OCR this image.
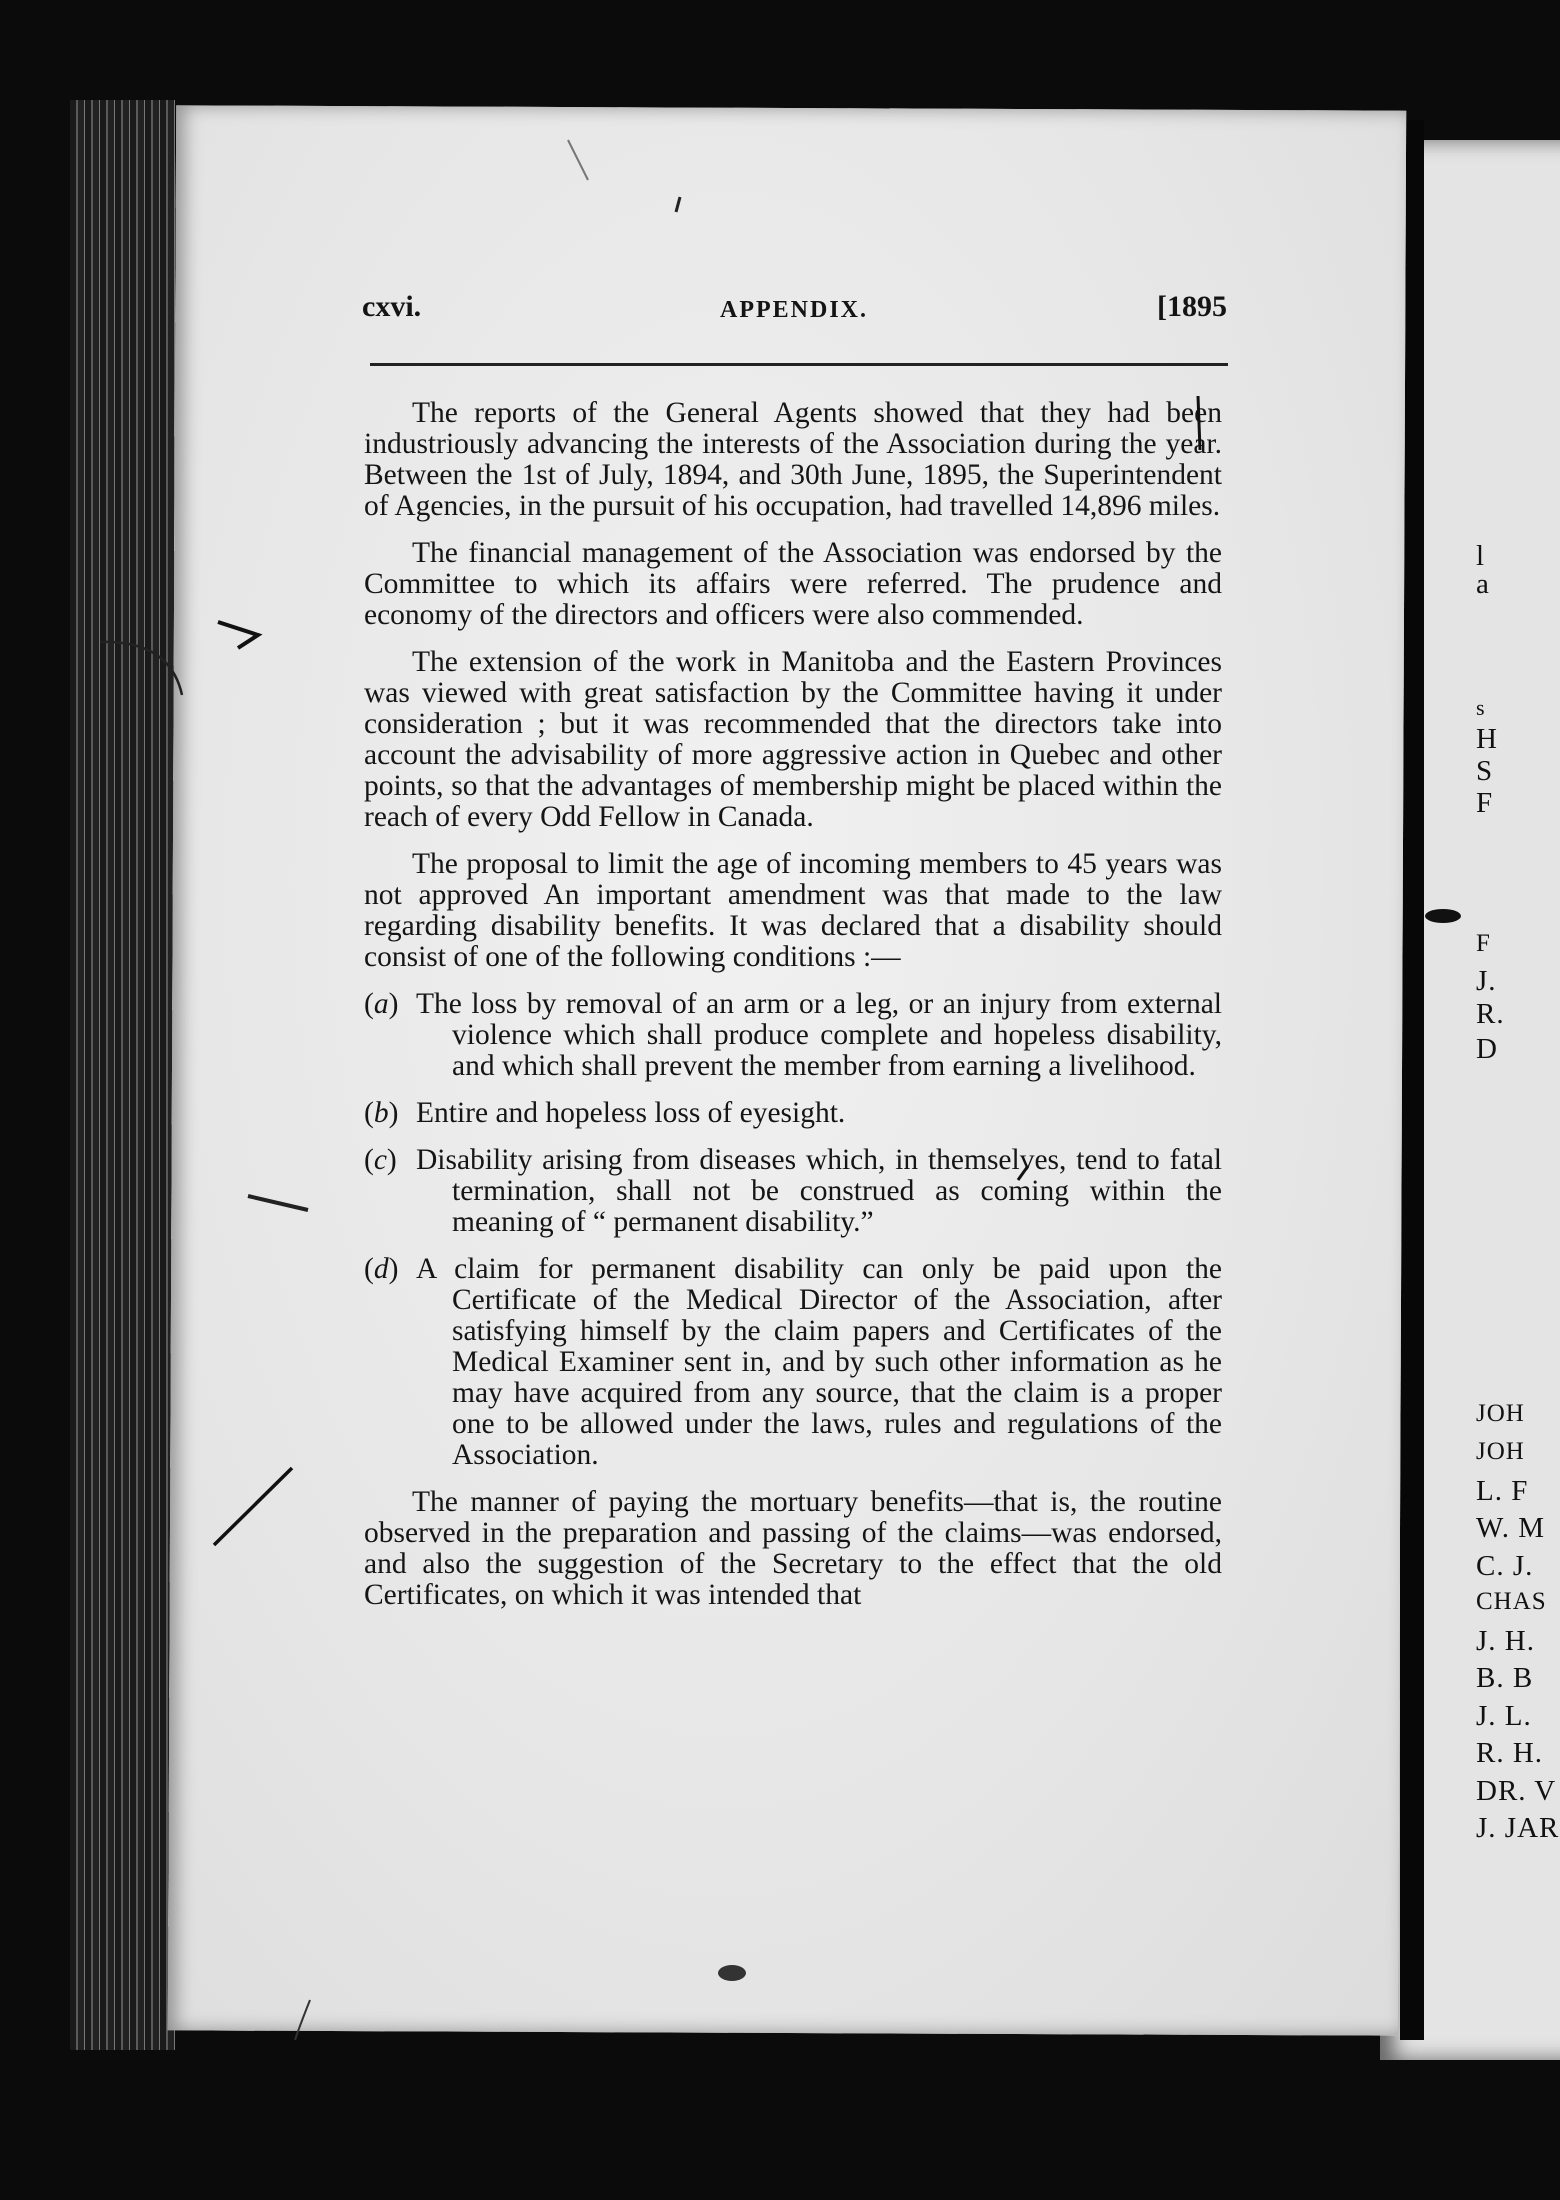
l
a
s
H
S
F
F
J.
R.
D
JOH
JOH
L. F
W. M
C. J.
CHAS
J. H.
B. B
J. L.
R. H.
DR. V
J. JAR
cxvi.	APPENDIX.	[1895

The reports of the General Agents showed that they had been industriously advancing the interests of the Association during the year. Between the 1st of July, 1894, and 30th June, 1895, the Superintendent of Agencies, in the pursuit of his occupation, had travelled 14,896 miles.

The financial management of the Association was endorsed by the Committee to which its affairs were referred. The prudence and economy of the directors and officers were also commended.

The extension of the work in Manitoba and the Eastern Provinces was viewed with great satisfaction by the Committee having it under consideration ; but it was recommended that the directors take into account the advisability of more aggressive action in Quebec and other points, so that the advantages of membership might be placed within the reach of every Odd Fellow in Canada.

The proposal to limit the age of incoming members to 45 years was not approved An important amendment was that made to the law regarding disability benefits. It was declared that a disability should consist of one of the following conditions :—

(a) The loss by removal of an arm or a leg, or an injury from external violence which shall produce complete and hopeless disability, and which shall prevent the member from earning a livelihood.
(b) Entire and hopeless loss of eyesight.
(c) Disability arising from diseases which, in themselves, tend to fatal termination, shall not be construed as coming within the meaning of “ permanent disability.”
(d) A claim for permanent disability can only be paid upon the Certificate of the Medical Director of the Association, after satisfying himself by the claim papers and Certificates of the Medical Examiner sent in, and by such other information as he may have acquired from any source, that the claim is a proper one to be allowed under the laws, rules and regulations of the Association.

The manner of paying the mortuary benefits—that is, the routine observed in the preparation and passing of the claims—was endorsed, and also the suggestion of the Secretary to the effect that the old Certificates, on which it was intended that
